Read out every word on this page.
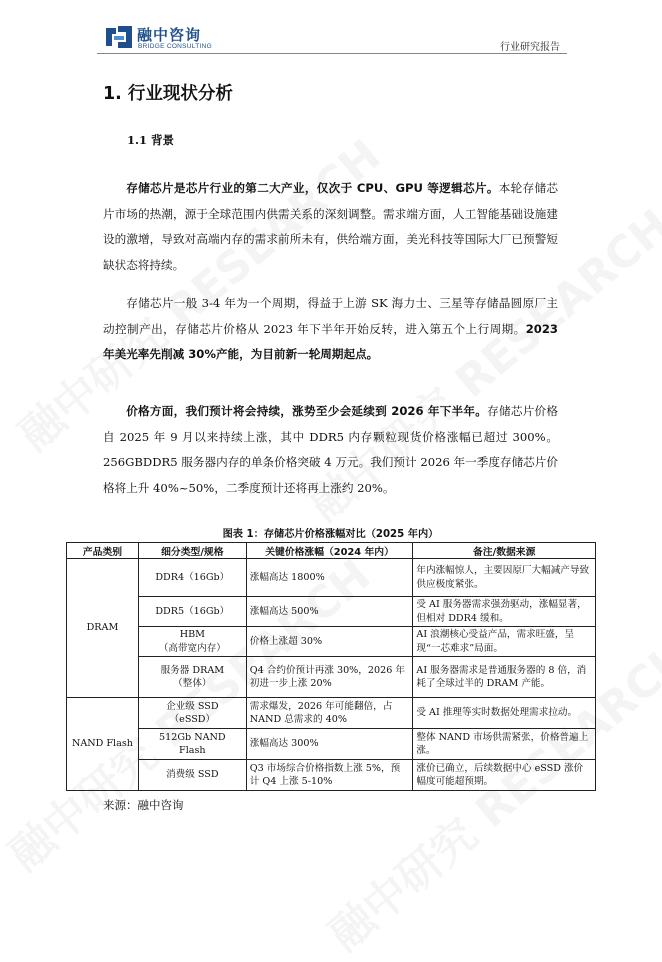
融中咨询
BRIDGE CONSULTING	行业研究报告
1. 行业现状分析
1.1 背景
存储芯片是芯片行业的第二大产业，仅次于 CPU、GPU 等逻辑芯片。本轮存储芯片市场的热潮，源于全球范围内供需关系的深刻调整。需求端方面，人工智能基础设施建设的激增，导致对高端内存的需求前所未有，供给端方面，美光科技等国际大厂已预警短缺状态将持续。
存储芯片一般 3-4 年为一个周期，得益于上游 SK 海力士、三星等存储晶圆原厂主动控制产出，存储芯片价格从 2023 年下半年开始反转，进入第五个上行周期。2023 年美光率先削减 30%产能，为目前新一轮周期起点。
价格方面，我们预计将会持续，涨势至少会延续到 2026 年下半年。存储芯片价格自 2025 年 9 月以来持续上涨，其中 DDR5 内存颗粒现货价格涨幅已超过 300%。256GBDDR5 服务器内存的单条价格突破 4 万元。我们预计 2026 年一季度存储芯片价格将上升 40%~50%，二季度预计还将再上涨约 20%。
图表 1：存储芯片价格涨幅对比（2025 年内）
产品类别	细分类型/规格	关键价格涨幅（2024 年内）	备注/数据来源
DRAM	DDR4（16Gb）	涨幅高达 1800%	年内涨幅惊人，主要因原厂大幅减产导致供应极度紧张。
	DDR5（16Gb）	涨幅高达 500%	受 AI 服务器需求强劲驱动，涨幅显著，但相对 DDR4 缓和。
	HBM
（高带宽内存）	价格上涨超 30%	AI 浪潮核心受益产品，需求旺盛，呈现“一芯难求”局面。
	服务器 DRAM
（整体）	Q4 合约价预计再涨 30%，2026 年初进一步上涨 20%	AI 服务器需求是普通服务器的 8 倍，消耗了全球过半的 DRAM 产能。
NAND Flash	企业级 SSD
（eSSD）	需求爆发，2026 年可能翻倍，占 NAND 总需求的 40%	受 AI 推理等实时数据处理需求拉动。
	512Gb NAND
Flash	涨幅高达 300%	整体 NAND 市场供需紧张，价格普遍上涨。
	消费级 SSD	Q3 市场综合价格指数上涨 5%，预计 Q4 上涨 5-10%	涨价已确立，后续数据中心 eSSD 涨价幅度可能超预期。
来源：融中咨询
